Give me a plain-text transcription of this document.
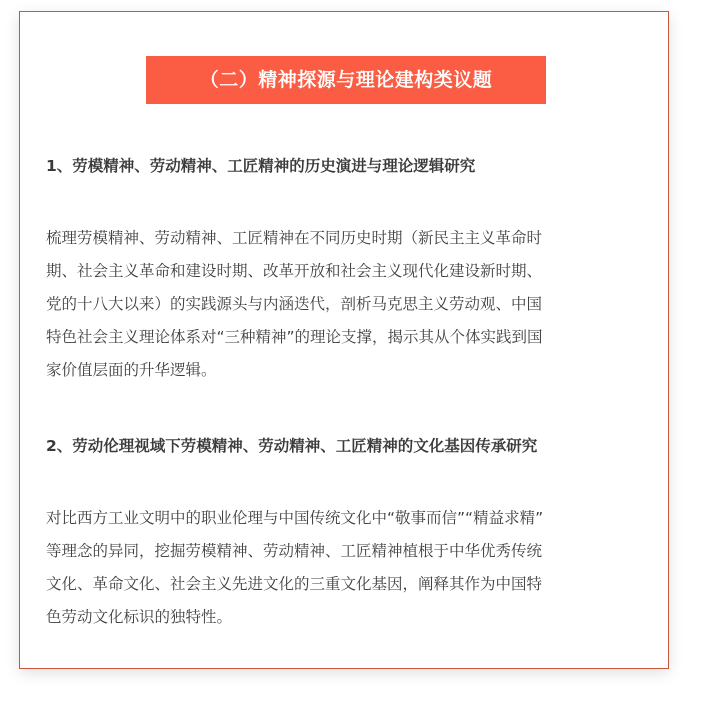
（二）精神探源与理论建构类议题
1、劳模精神、劳动精神、工匠精神的历史演进与理论逻辑研究

梳理劳模精神、劳动精神、工匠精神在不同历史时期（新民主主义革命时
期、社会主义革命和建设时期、改革开放和社会主义现代化建设新时期、
党的十八大以来）的实践源头与内涵迭代，剖析马克思主义劳动观、中国
特色社会主义理论体系对“三种精神”的理论支撑，揭示其从个体实践到国
家价值层面的升华逻辑。

2、劳动伦理视域下劳模精神、劳动精神、工匠精神的文化基因传承研究

对比西方工业文明中的职业伦理与中国传统文化中“敬事而信”“精益求精”
等理念的异同，挖掘劳模精神、劳动精神、工匠精神植根于中华优秀传统
文化、革命文化、社会主义先进文化的三重文化基因，阐释其作为中国特
色劳动文化标识的独特性。
